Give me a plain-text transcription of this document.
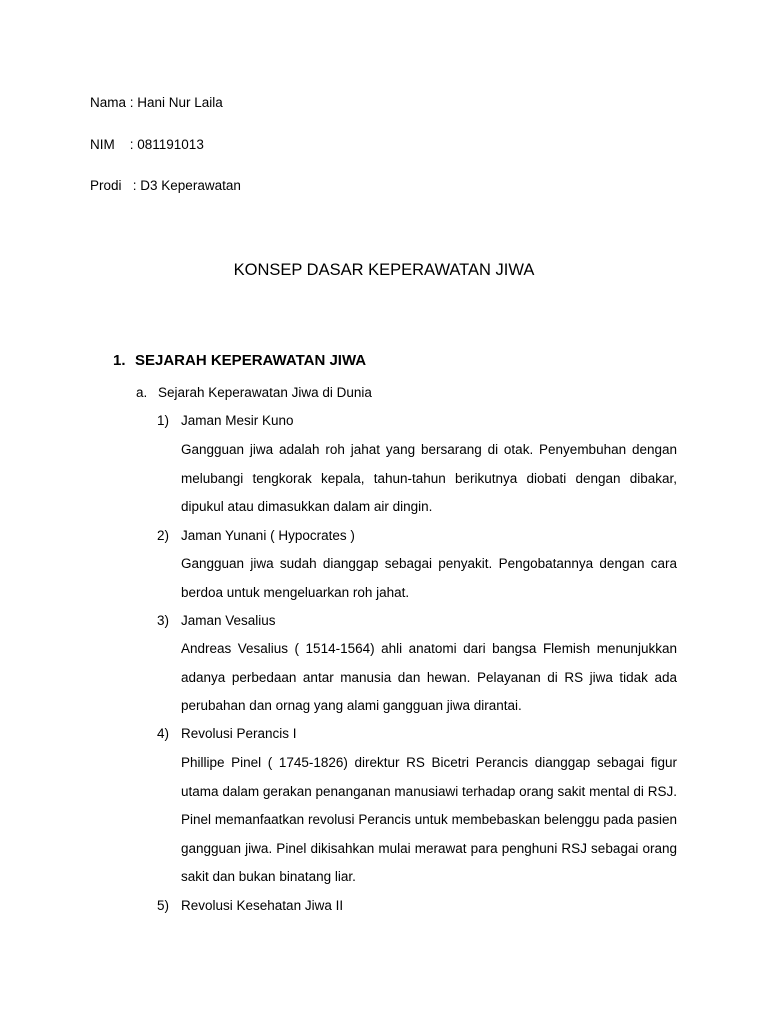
Nama : Hani Nur Laila
NIM    : 081191013
Prodi   : D3 Keperawatan
KONSEP DASAR KEPERAWATAN JIWA
1. SEJARAH KEPERAWATAN JIWA
a. Sejarah Keperawatan Jiwa di Dunia
1) Jaman Mesir Kuno
Gangguan jiwa adalah roh jahat yang bersarang di otak. Penyembuhan dengan melubangi tengkorak kepala, tahun-tahun berikutnya diobati dengan dibakar, dipukul atau dimasukkan dalam air dingin.
2) Jaman Yunani ( Hypocrates )
Gangguan jiwa sudah dianggap sebagai penyakit. Pengobatannya dengan cara berdoa untuk mengeluarkan roh jahat.
3) Jaman Vesalius
Andreas Vesalius ( 1514-1564) ahli anatomi dari bangsa Flemish menunjukkan adanya perbedaan antar manusia dan hewan. Pelayanan di RS jiwa tidak ada perubahan dan ornag yang alami gangguan jiwa dirantai.
4) Revolusi Perancis I
Phillipe Pinel ( 1745-1826) direktur RS Bicetri Perancis dianggap sebagai figur utama dalam gerakan penanganan manusiawi terhadap orang sakit mental di RSJ. Pinel memanfaatkan revolusi Perancis untuk membebaskan belenggu pada pasien gangguan jiwa. Pinel dikisahkan mulai merawat para penghuni RSJ sebagai orang sakit dan bukan binatang liar.
5) Revolusi Kesehatan Jiwa II
